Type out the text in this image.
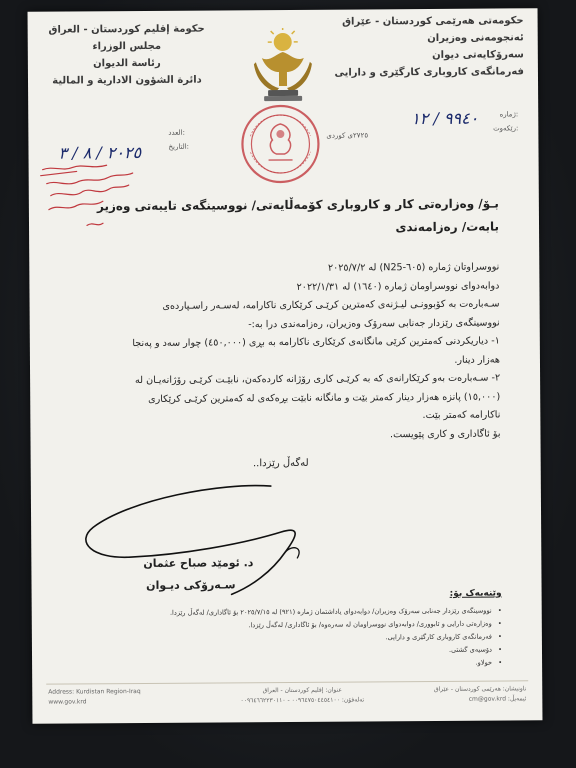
حكومة إقليم كوردستان - العراق
مجلس الوزراء
رئاسة الديوان
دائرة الشؤون الادارية و المالية
حکومەتی هەرێمی کوردستان - عێراق
ئەنجومەنی وەزیران
سەرۆکایەتی دیوان
فەرمانگەی کاروباری کارگێری و دارایی
ژمارە:
رێکەوت:
العدد:
التاريخ:
٢٧٢٥ی کوردی
٩٩٤٠ / ١٢
٢٠٢٥ / ٨ / ٣
بـۆ/ وەزارەتی کار و کاروباری کۆمەڵایەتی/ نووسینگەی تایبەتی وەزیر
بابەت/ رەزامەندی

نووسراوتان ژمارە (٦٠٥-N25) لە ٢٠٢٥/٧/٢

دوابەدوای نووسراومان ژمارە (١٦٤٠) لە ٢٠٢٢/١/٣١

سـەبارەت بە کۆبوونـی لیـژنەی کەمترین کرێـی کرێکاری ناکارامە، لەسـەر راسـپاردەی

نووسینگەی رێزدار جەنابی سەرۆک وەزیران، رەزامەندی درا بە:-

١- دیاریکردنی کەمترین کرێی مانگانەی کرێکاری ناکارامە بە بڕی (٤٥٠,٠٠٠) چوار سەد و پەنجا

هەزار دینار.

٢- سـەبارەت بەو کرێکارانەی کە بە کرێـی کاری رۆژانە کاردەکەن، نابێـت کرێـی رۆژانەیـان لە

(١٥,٠٠٠) پانزە هەزار دینار کەمتر بێت و مانگانە نابێت بڕەکەی لە کەمترین کرێـی کرێکاری

ناکارامە کەمتر بێت.

بۆ ئاگاداری و کاری پێویست.

لەگەڵ رێزدا..
د. ئومێد صباح عثمان
سـەرۆکی دیـوان
وێنەیەک بۆ:
• نووسینگەی رێزدار جەنابی سەرۆک وەزیران/ دوابەدوای یاداشتمان ژمارە (٩٢١) لە ٢٠٢٥/٧/١٥ بۆ ئاگاداری/ لەگەڵ رێزدا.
• وەزارەتی دارایی و ئابووری/ دوابەدوای نووسراومان لە سەرەوە/ بۆ ئاگاداری/ لەگەڵ رێزدا.
• فەرمانگەی کاروباری کارگێری و دارایی.
• دۆسیەی گشتی.
• خولاو.
Address: Kurdistan Region-Iraq
www.gov.krd
عنوان: إقليم كوردستان - العراق
تەلەفۆن: ٠٠٩٦٤٧٥٠٤٤٥٤١٠٠ - ٠٠٩٦٤٦٦٢٢٣٠١١٠
ناونیشان: هەرێمی کوردستان - عێراق
ئیمەیڵ: cm@gov.krd
